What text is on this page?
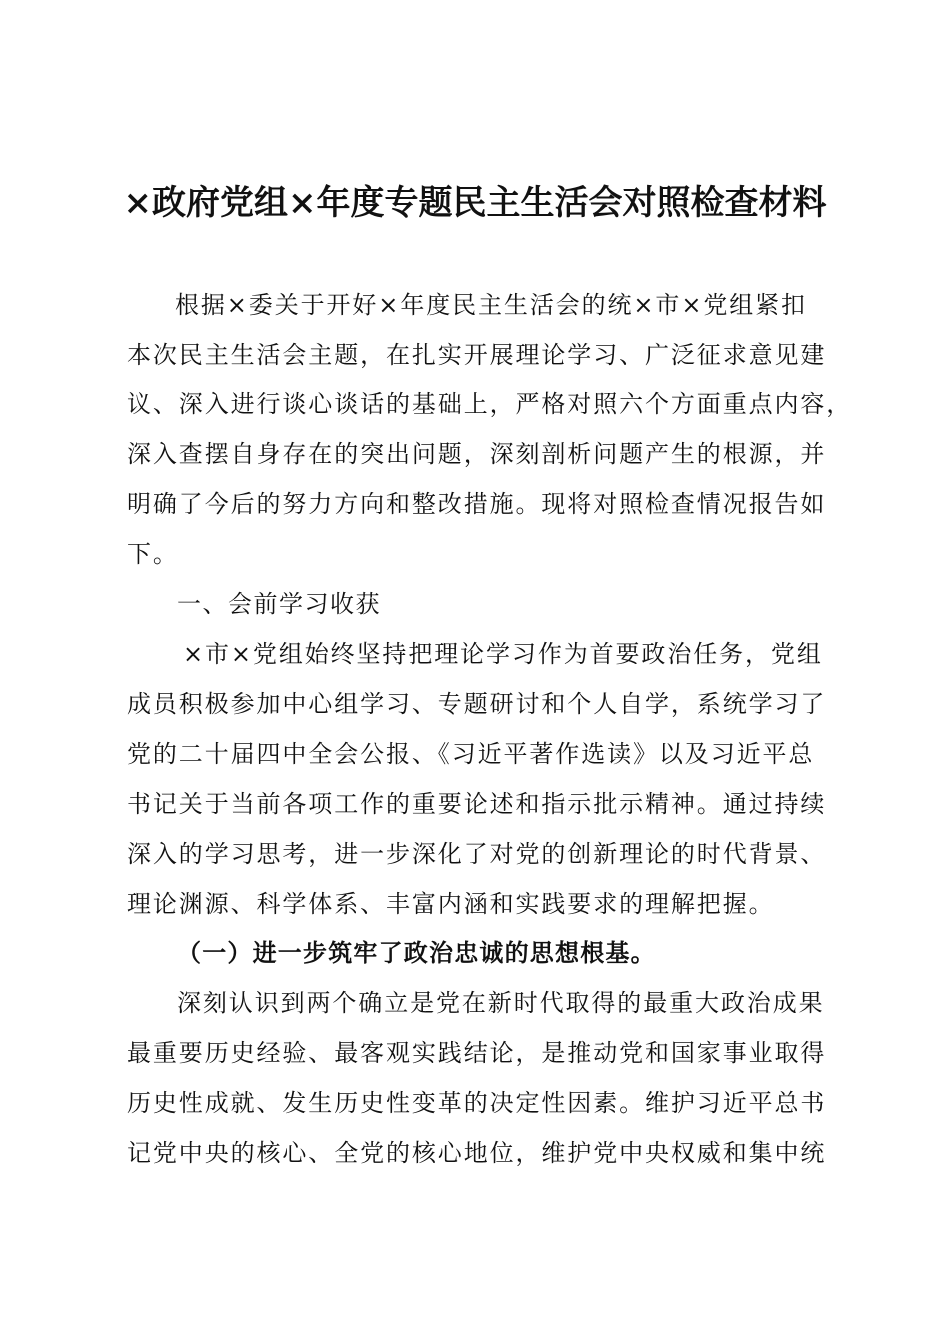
×政府党组×年度专题民主生活会对照检查材料
根据×委关于开好×年度民主生活会的统×市×党组紧扣
本次民主生活会主题，在扎实开展理论学习、广泛征求意见建
议、深入进行谈心谈话的基础上，严格对照六个方面重点内容，
深入查摆自身存在的突出问题，深刻剖析问题产生的根源，并
明确了今后的努力方向和整改措施。现将对照检查情况报告如
下。
一、会前学习收获
×市×党组始终坚持把理论学习作为首要政治任务，党组
成员积极参加中心组学习、专题研讨和个人自学，系统学习了
党的二十届四中全会公报、《习近平著作选读》以及习近平总
书记关于当前各项工作的重要论述和指示批示精神。通过持续
深入的学习思考，进一步深化了对党的创新理论的时代背景、
理论渊源、科学体系、丰富内涵和实践要求的理解把握。
（一）进一步筑牢了政治忠诚的思想根基。
深刻认识到两个确立是党在新时代取得的最重大政治成果
最重要历史经验、最客观实践结论，是推动党和国家事业取得
历史性成就、发生历史性变革的决定性因素。维护习近平总书
记党中央的核心、全党的核心地位，维护党中央权威和集中统
